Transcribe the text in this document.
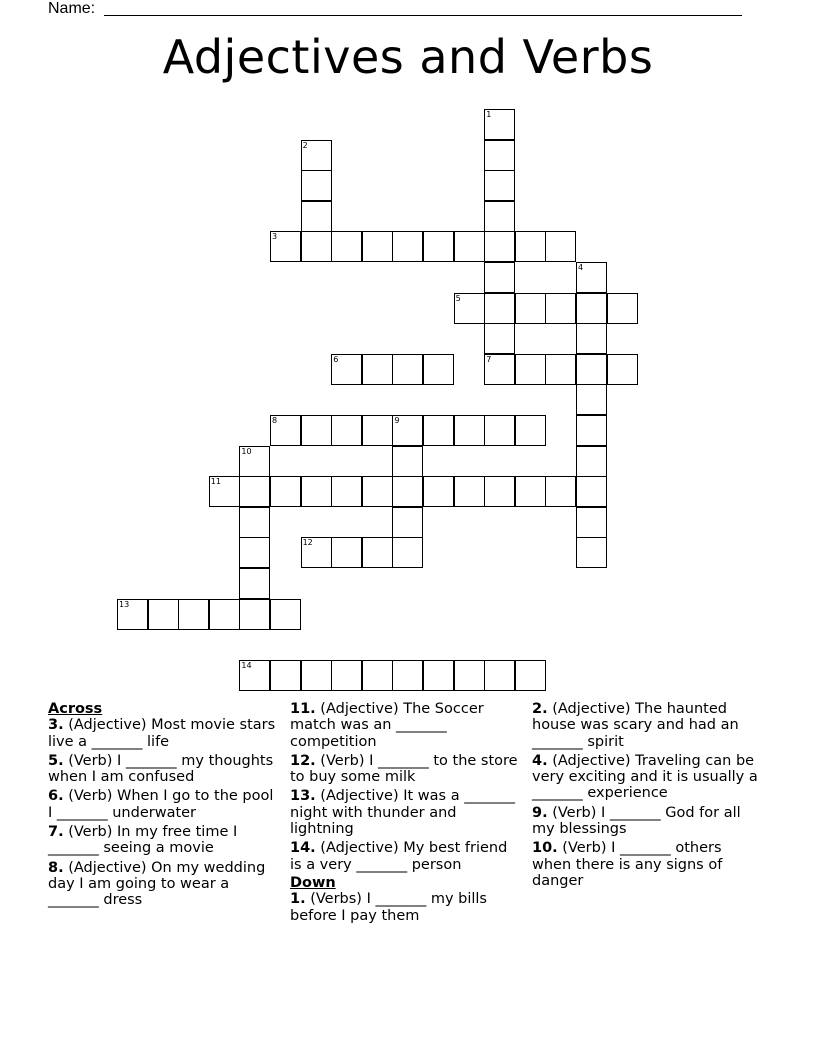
Name:
Adjectives and Verbs
1
2
3
4
5
6	7
8	9
10
11
12
13
14
Across
3. (Adjective) Most movie stars live a _______ life
5. (Verb) I _______ my thoughts when I am confused
6. (Verb) When I go to the pool I _______ underwater
7. (Verb) In my free time I _______ seeing a movie
8. (Adjective) On my wedding day I am going to wear a _______ dress
11. (Adjective) The Soccer match was an _______ competition
12. (Verb) I _______ to the store to buy some milk
13. (Adjective) It was a _______ night with thunder and lightning
14. (Adjective) My best friend is a very _______ person
Down
1. (Verbs) I _______ my bills before I pay them
2. (Adjective) The haunted house was scary and had an _______ spirit
4. (Adjective) Traveling can be very exciting and it is usually a _______ experience
9. (Verb) I _______ God for all my blessings
10. (Verb) I _______ others when there is any signs of danger
